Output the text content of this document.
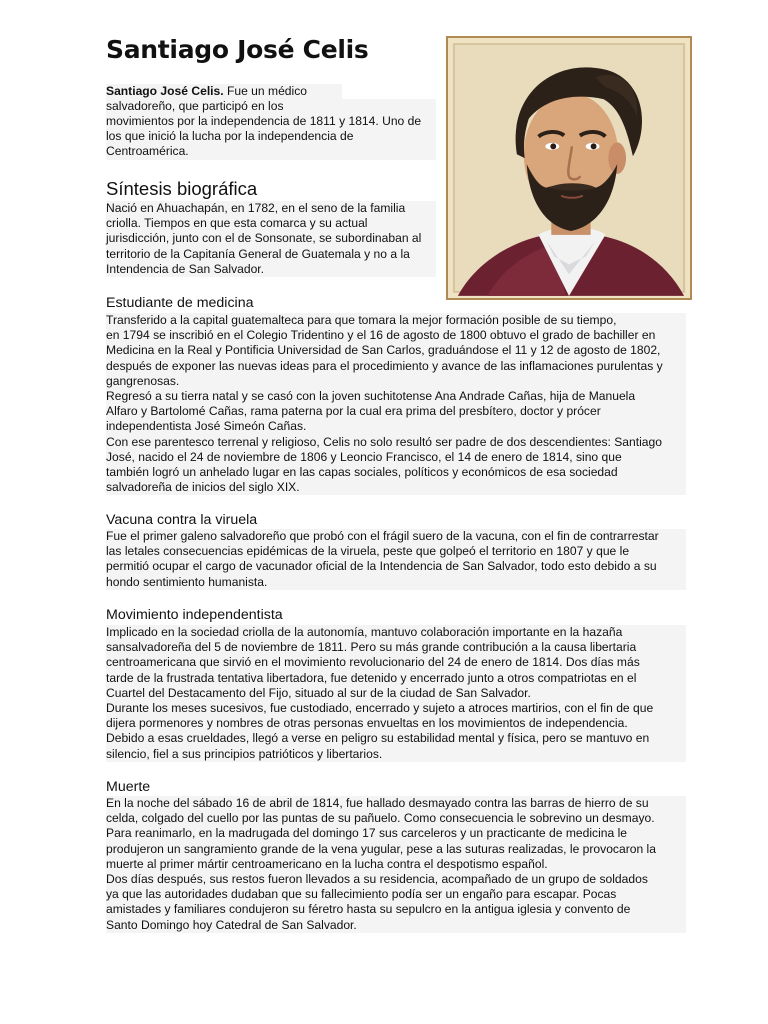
Santiago José Celis

Santiago José Celis. Fue un médico

salvadoreño, que participó en los

movimientos por la independencia de 1811 y 1814. Uno de

los que inició la lucha por la independencia de

Centroamérica.

Síntesis biográfica

Nació en Ahuachapán, en 1782, en el seno de la familia

criolla. Tiempos en que esta comarca y su actual

jurisdicción, junto con el de Sonsonate, se subordinaban al

territorio de la Capitanía General de Guatemala y no a la

Intendencia de San Salvador.

Estudiante de medicina

Transferido a la capital guatemalteca para que tomara la mejor formación posible de su tiempo,

en 1794 se inscribió en el Colegio Tridentino y el 16 de agosto de 1800 obtuvo el grado de bachiller en

Medicina en la Real y Pontificia Universidad de San Carlos, graduándose el 11 y 12 de agosto de 1802,

después de exponer las nuevas ideas para el procedimiento y avance de las inflamaciones purulentas y

gangrenosas.

Regresó a su tierra natal y se casó con la joven suchitotense Ana Andrade Cañas, hija de Manuela

Alfaro y Bartolomé Cañas, rama paterna por la cual era prima del presbítero, doctor y prócer

independentista José Simeón Cañas.

Con ese parentesco terrenal y religioso, Celis no solo resultó ser padre de dos descendientes: Santiago

José, nacido el 24 de noviembre de 1806 y Leoncio Francisco, el 14 de enero de 1814, sino que

también logró un anhelado lugar en las capas sociales, políticos y económicos de esa sociedad

salvadoreña de inicios del siglo XIX.

Vacuna contra la viruela

Fue el primer galeno salvadoreño que probó con el frágil suero de la vacuna, con el fin de contrarrestar

las letales consecuencias epidémicas de la viruela, peste que golpeó el territorio en 1807 y que le

permitió ocupar el cargo de vacunador oficial de la Intendencia de San Salvador, todo esto debido a su

hondo sentimiento humanista.

Movimiento independentista

Implicado en la sociedad criolla de la autonomía, mantuvo colaboración importante en la hazaña

sansalvadoreña del 5 de noviembre de 1811. Pero su más grande contribución a la causa libertaria

centroamericana que sirvió en el movimiento revolucionario del 24 de enero de 1814. Dos días más

tarde de la frustrada tentativa libertadora, fue detenido y encerrado junto a otros compatriotas en el

Cuartel del Destacamento del Fijo, situado al sur de la ciudad de San Salvador.

Durante los meses sucesivos, fue custodiado, encerrado y sujeto a atroces martirios, con el fin de que

dijera pormenores y nombres de otras personas envueltas en los movimientos de independencia.

Debido a esas crueldades, llegó a verse en peligro su estabilidad mental y física, pero se mantuvo en

silencio, fiel a sus principios patrióticos y libertarios.

Muerte

En la noche del sábado 16 de abril de 1814, fue hallado desmayado contra las barras de hierro de su

celda, colgado del cuello por las puntas de su pañuelo. Como consecuencia le sobrevino un desmayo.

Para reanimarlo, en la madrugada del domingo 17 sus carceleros y un practicante de medicina le

produjeron un sangramiento grande de la vena yugular, pese a las suturas realizadas, le provocaron la

muerte al primer mártir centroamericano en la lucha contra el despotismo español.

Dos días después, sus restos fueron llevados a su residencia, acompañado de un grupo de soldados

ya que las autoridades dudaban que su fallecimiento podía ser un engaño para escapar. Pocas

amistades y familiares condujeron su féretro hasta su sepulcro en la antigua iglesia y convento de

Santo Domingo hoy Catedral de San Salvador.
